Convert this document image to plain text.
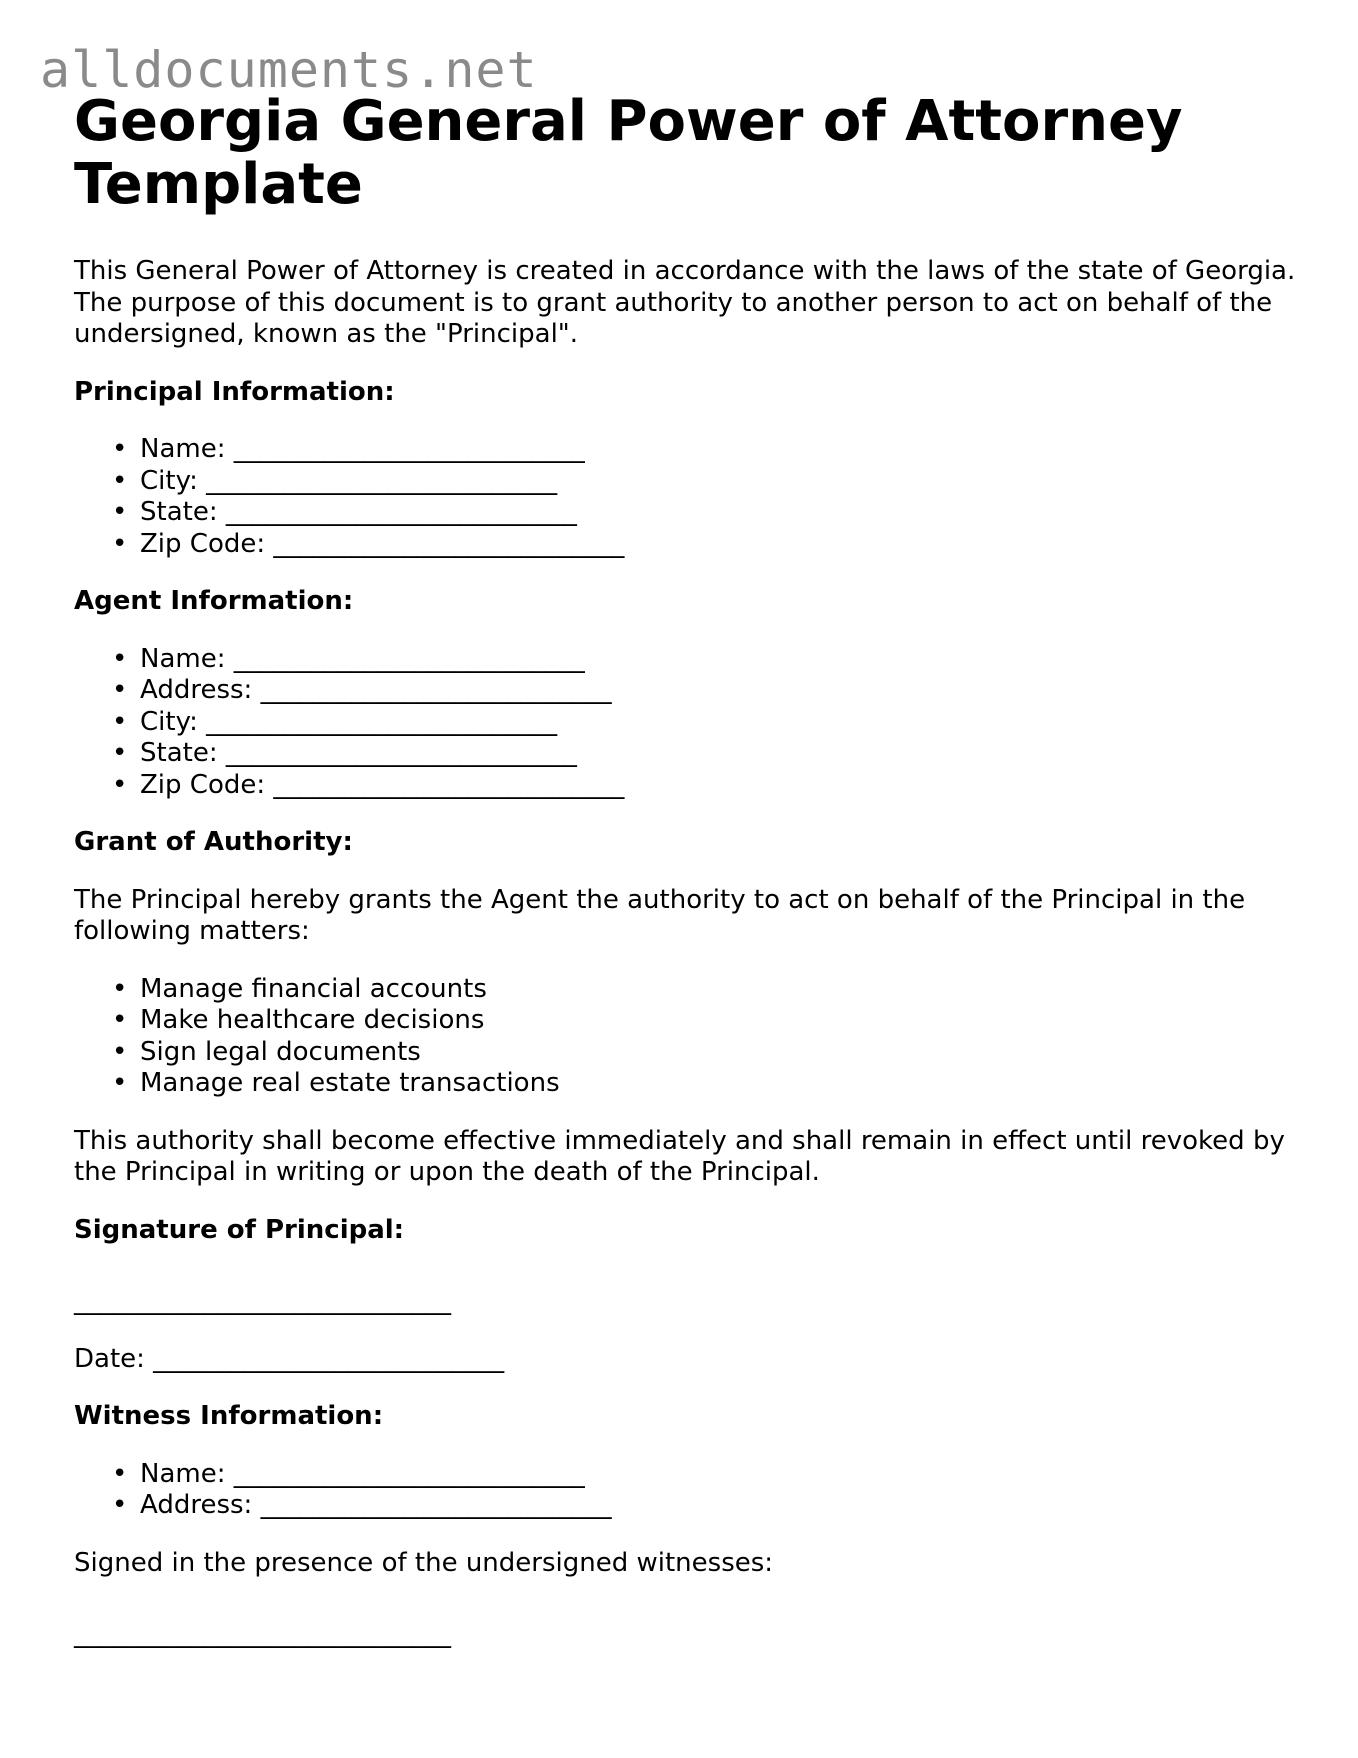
alldocuments.net
Georgia General Power of Attorney Template

This General Power of Attorney is created in accordance with the laws of the state of Georgia. The purpose of this document is to grant authority to another person to act on behalf of the undersigned, known as the "Principal".

Principal Information:
• Name: ___________________________
• City: ___________________________
• State: ___________________________
• Zip Code: ___________________________
Agent Information:
• Name: ___________________________
• Address: ___________________________
• City: ___________________________
• State: ___________________________
• Zip Code: ___________________________
Grant of Authority:

The Principal hereby grants the Agent the authority to act on behalf of the Principal in the following matters:

• Manage financial accounts
• Make healthcare decisions
• Sign legal documents
• Manage real estate transactions

This authority shall become effective immediately and shall remain in effect until revoked by the Principal in writing or upon the death of the Principal.

Signature of Principal:
_____________________________
Date: ___________________________
Witness Information:
• Name: ___________________________
• Address: ___________________________

Signed in the presence of the undersigned witnesses:

_____________________________
